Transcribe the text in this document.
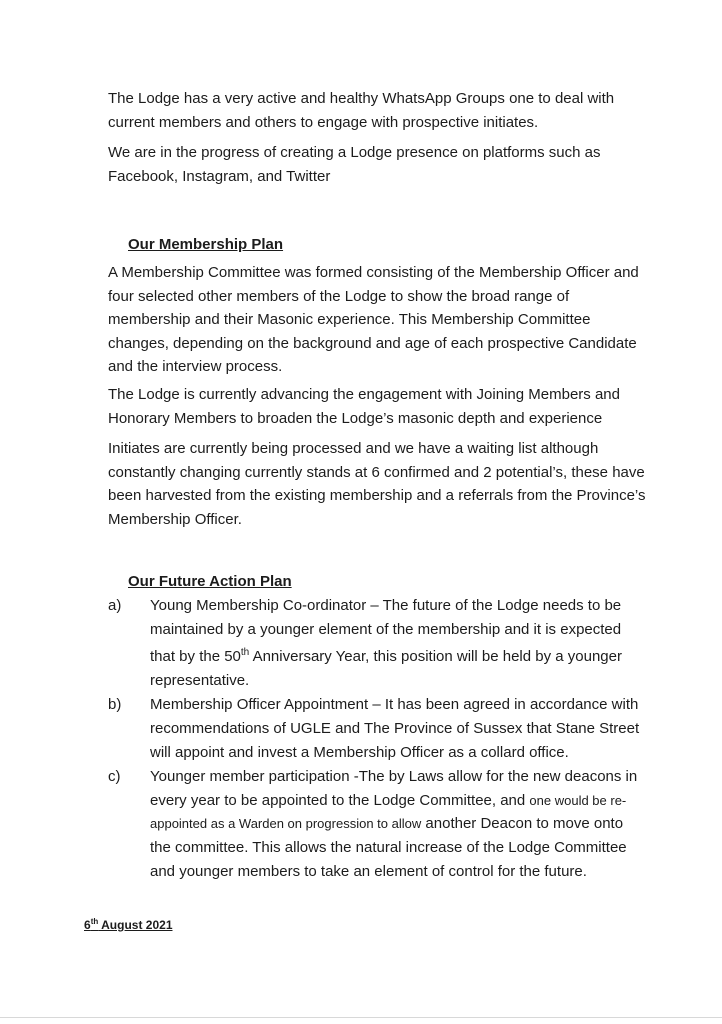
The Lodge has a very active and healthy WhatsApp Groups one to deal with current members and others to engage with prospective initiates.

We are in the progress of creating a Lodge presence on platforms such as Facebook, Instagram, and Twitter

Our Membership Plan

A Membership Committee was formed consisting of the Membership Officer and four selected other members of the Lodge to show the broad range of membership and their Masonic experience. This Membership Committee changes, depending on the background and age of each prospective Candidate and the interview process.

The Lodge is currently advancing the engagement with Joining Members and Honorary Members to broaden the Lodge’s masonic depth and experience

Initiates are currently being processed and we have a waiting list although constantly changing currently stands at 6 confirmed and 2 potential’s, these have been harvested from the existing membership and a referrals from the Province’s Membership Officer.

Our Future Action Plan

a) Young Membership Co-ordinator – The future of the Lodge needs to be maintained by a younger element of the membership and it is expected that by the 50th Anniversary Year, this position will be held by a younger representative.
b) Membership Officer Appointment – It has been agreed in accordance with recommendations of UGLE and The Province of Sussex that Stane Street will appoint and invest a Membership Officer as a collard office.
c) Younger member participation -The by Laws allow for the new deacons in every year to be appointed to the Lodge Committee, and one would be re-appointed as a Warden on progression to allow another Deacon to move onto the committee. This allows the natural increase of the Lodge Committee and younger members to take an element of control for the future.
6th August 2021
